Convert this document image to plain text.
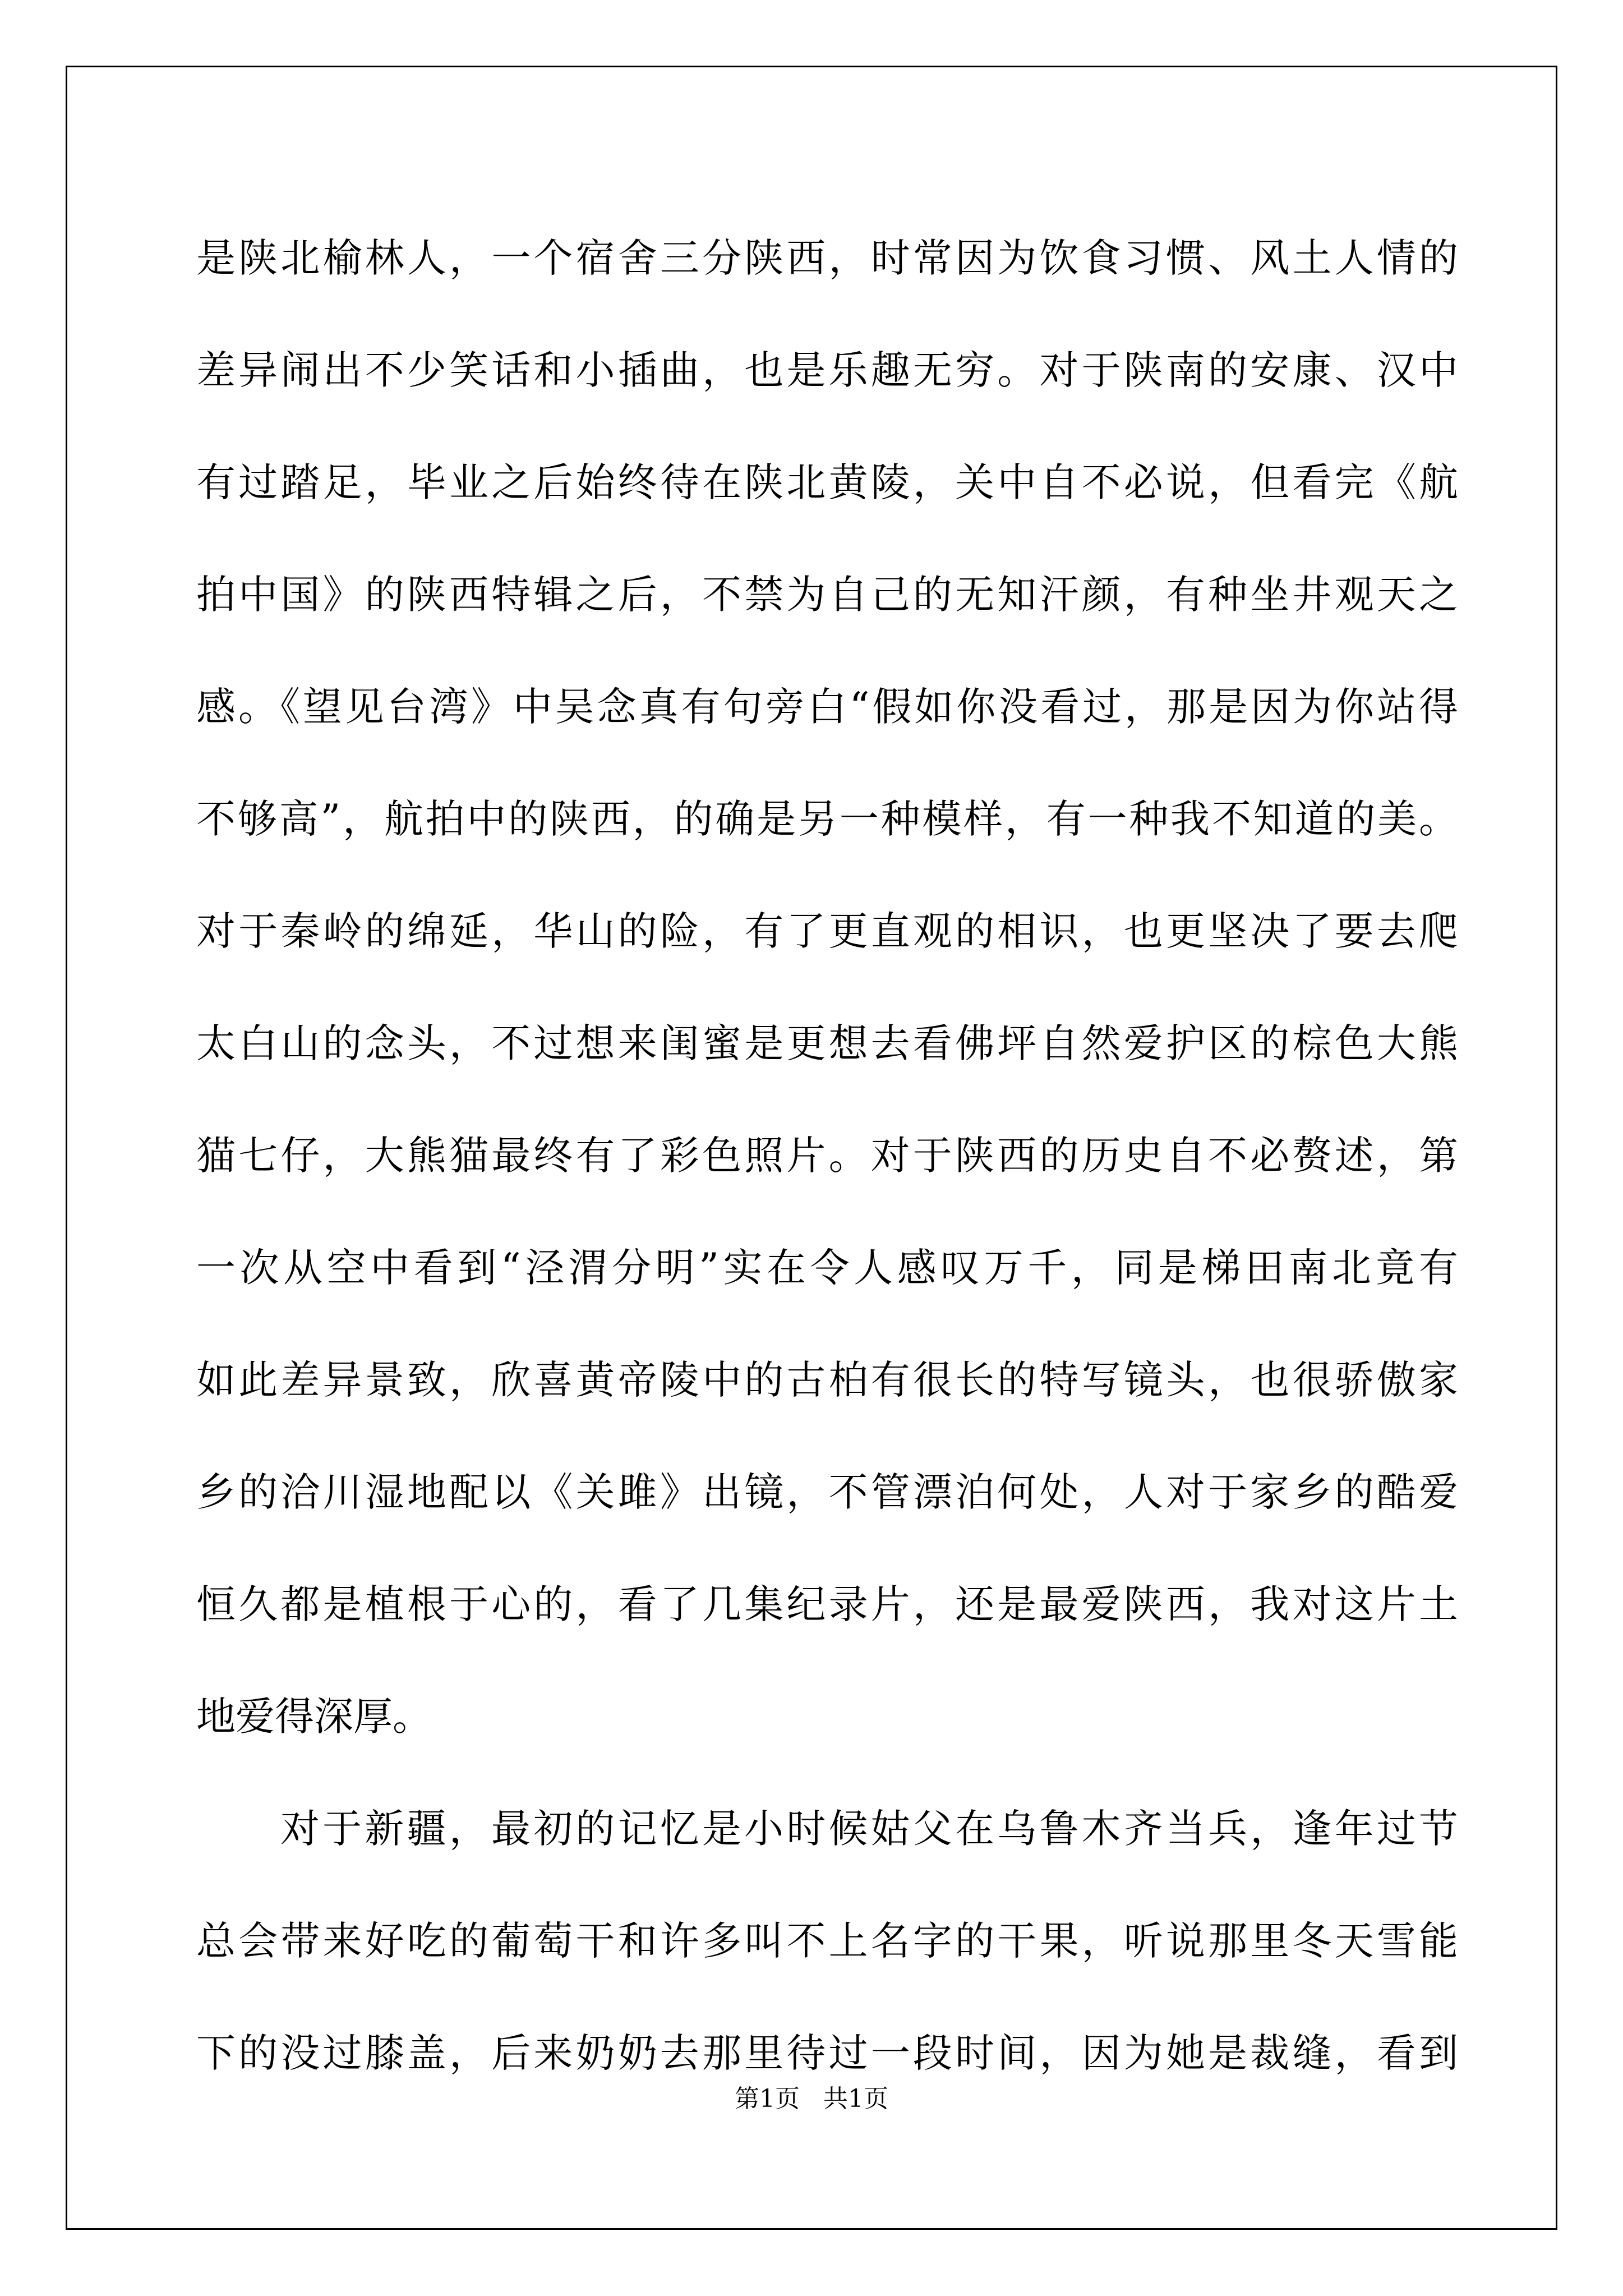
是陕北榆林人，一个宿舍三分陕西，时常因为饮食习惯、风土人情的
差异闹出不少笑话和小插曲，也是乐趣无穷。对于陕南的安康、汉中
有过踏足，毕业之后始终待在陕北黄陵，关中自不必说，但看完《航
拍中国》的陕西特辑之后，不禁为自己的无知汗颜，有种坐井观天之
感。《望见台湾》中吴念真有句旁白“假如你没看过，那是因为你站得
不够高”，航拍中的陕西，的确是另一种模样，有一种我不知道的美。
对于秦岭的绵延，华山的险，有了更直观的相识，也更坚决了要去爬
太白山的念头，不过想来闺蜜是更想去看佛坪自然爱护区的棕色大熊
猫七仔，大熊猫最终有了彩色照片。对于陕西的历史自不必赘述，第
一次从空中看到“泾渭分明”实在令人感叹万千，同是梯田南北竟有
如此差异景致，欣喜黄帝陵中的古柏有很长的特写镜头，也很骄傲家
乡的洽川湿地配以《关雎》出镜，不管漂泊何处，人对于家乡的酷爱
恒久都是植根于心的，看了几集纪录片，还是最爱陕西，我对这片土
地爱得深厚。
对于新疆，最初的记忆是小时候姑父在乌鲁木齐当兵，逢年过节
总会带来好吃的葡萄干和许多叫不上名字的干果，听说那里冬天雪能
下的没过膝盖，后来奶奶去那里待过一段时间，因为她是裁缝，看到
第1页   共1页
